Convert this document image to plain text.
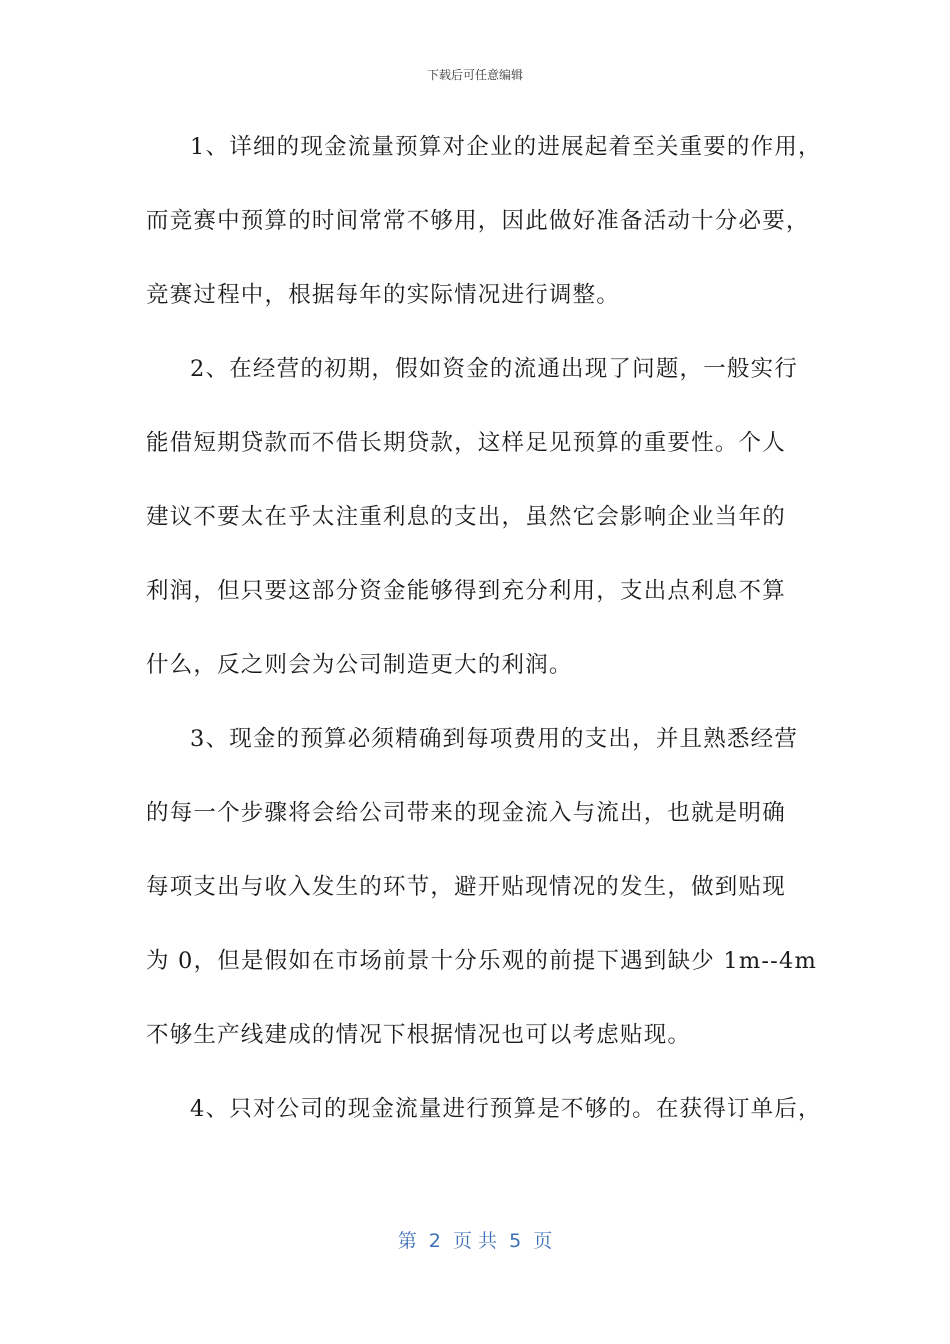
下载后可任意编辑
1、详细的现金流量预算对企业的进展起着至关重要的作用，
而竞赛中预算的时间常常不够用，因此做好准备活动十分必要，
竞赛过程中，根据每年的实际情况进行调整。
2、在经营的初期，假如资金的流通出现了问题，一般实行
能借短期贷款而不借长期贷款，这样足见预算的重要性。个人
建议不要太在乎太注重利息的支出，虽然它会影响企业当年的
利润，但只要这部分资金能够得到充分利用，支出点利息不算
什么，反之则会为公司制造更大的利润。
3、现金的预算必须精确到每项费用的支出，并且熟悉经营
的每一个步骤将会给公司带来的现金流入与流出，也就是明确
每项支出与收入发生的环节，避开贴现情况的发生，做到贴现
为 0，但是假如在市场前景十分乐观的前提下遇到缺少 1m--4m
不够生产线建成的情况下根据情况也可以考虑贴现。
4、只对公司的现金流量进行预算是不够的。在获得订单后，
第  2  页 共  5  页
